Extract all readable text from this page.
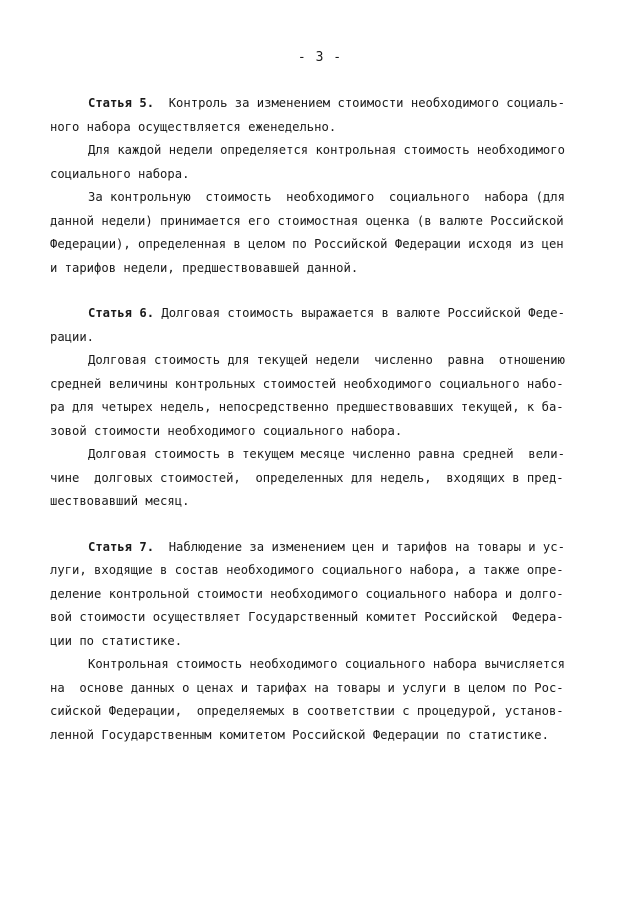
- 3 -
Статья 5.  Контроль за изменением стоимости необходимого социаль-
ного набора осуществляется еженедельно.
Для каждой недели определяется контрольная стоимость необходимого
социального набора.
За контрольную  стоимость  необходимого  социального  набора (для
данной недели) принимается его стоимостная оценка (в валюте Российской
Федерации), определенная в целом по Российской Федерации исходя из цен
и тарифов недели, предшествовавшей данной.
Статья 6. Долговая стоимость выражается в валюте Российской Феде-
рации.
Долговая стоимость для текущей недели  численно  равна  отношению
средней величины контрольных стоимостей необходимого социального набо-
ра для четырех недель, непосредственно предшествовавших текущей, к ба-
зовой стоимости необходимого социального набора.
Долговая стоимость в текущем месяце численно равна средней  вели-
чине  долговых стоимостей,  определенных для недель,  входящих в пред-
шествовавший месяц.
Статья 7.  Наблюдение за изменением цен и тарифов на товары и ус-
луги, входящие в состав необходимого социального набора, а также опре-
деление контрольной стоимости необходимого социального набора и долго-
вой стоимости осуществляет Государственный комитет Российской  Федера-
ции по статистике.
Контрольная стоимость необходимого социального набора вычисляется
на  основе данных о ценах и тарифах на товары и услуги в целом по Рос-
сийской Федерации,  определяемых в соответствии с процедурой, установ-
ленной Государственным комитетом Российской Федерации по статистике.
